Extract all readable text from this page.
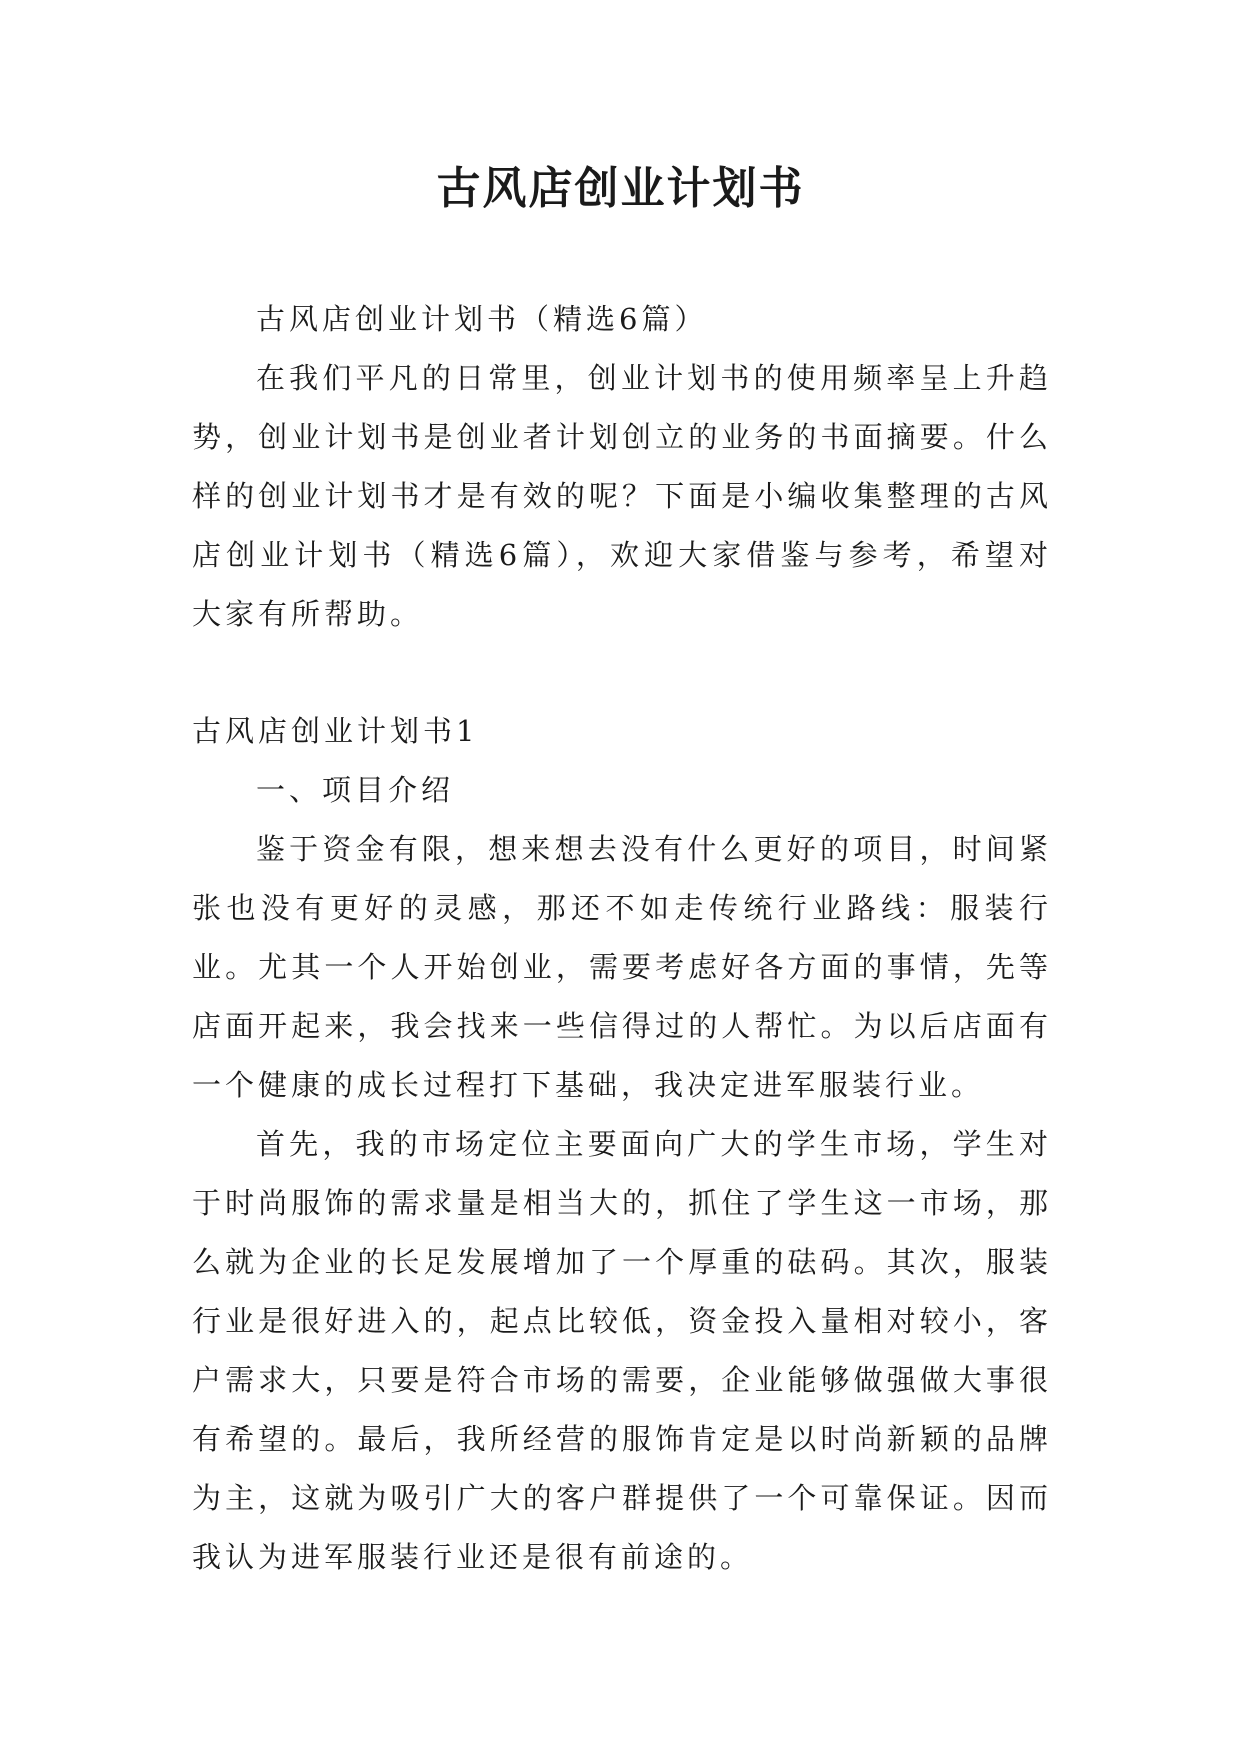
古风店创业计划书

古风店创业计划书（精选6篇）

在我们平凡的日常里，创业计划书的使用频率呈上升趋势，创业计划书是创业者计划创立的业务的书面摘要。什么样的创业计划书才是有效的呢？下面是小编收集整理的古风店创业计划书（精选6篇），欢迎大家借鉴与参考，希望对大家有所帮助。

古风店创业计划书1

一、项目介绍

鉴于资金有限，想来想去没有什么更好的项目，时间紧张也没有更好的灵感，那还不如走传统行业路线：服装行业。尤其一个人开始创业，需要考虑好各方面的事情，先等店面开起来，我会找来一些信得过的人帮忙。为以后店面有一个健康的成长过程打下基础，我决定进军服装行业。

首先，我的市场定位主要面向广大的学生市场，学生对于时尚服饰的需求量是相当大的，抓住了学生这一市场，那么就为企业的长足发展增加了一个厚重的砝码。其次，服装行业是很好进入的，起点比较低，资金投入量相对较小，客户需求大，只要是符合市场的需要，企业能够做强做大事很有希望的。最后，我所经营的服饰肯定是以时尚新颖的品牌为主，这就为吸引广大的客户群提供了一个可靠保证。因而我认为进军服装行业还是很有前途的。
